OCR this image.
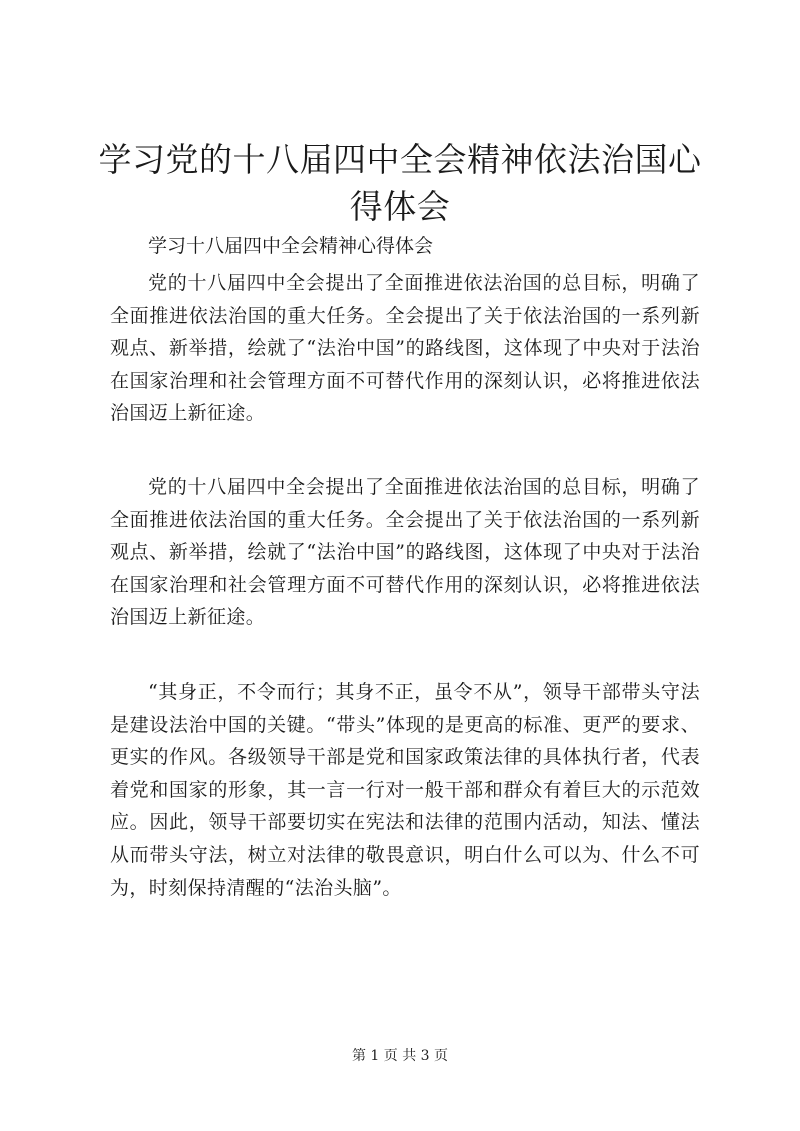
学习党的十八届四中全会精神依法治国心得体会

学习十八届四中全会精神心得体会

党的十八届四中全会提出了全面推进依法治国的总目标，明确了全面推进依法治国的重大任务。全会提出了关于依法治国的一系列新观点、新举措，绘就了“法治中国”的路线图，这体现了中央对于法治在国家治理和社会管理方面不可替代作用的深刻认识，必将推进依法治国迈上新征途。

党的十八届四中全会提出了全面推进依法治国的总目标，明确了全面推进依法治国的重大任务。全会提出了关于依法治国的一系列新观点、新举措，绘就了“法治中国”的路线图，这体现了中央对于法治在国家治理和社会管理方面不可替代作用的深刻认识，必将推进依法治国迈上新征途。

“其身正，不令而行；其身不正，虽令不从”，领导干部带头守法是建设法治中国的关键。“带头”体现的是更高的标准、更严的要求、更实的作风。各级领导干部是党和国家政策法律的具体执行者，代表着党和国家的形象，其一言一行对一般干部和群众有着巨大的示范效应。因此，领导干部要切实在宪法和法律的范围内活动，知法、懂法从而带头守法，树立对法律的敬畏意识，明白什么可以为、什么不可为，时刻保持清醒的“法治头脑”。

第 1 页 共 3 页
